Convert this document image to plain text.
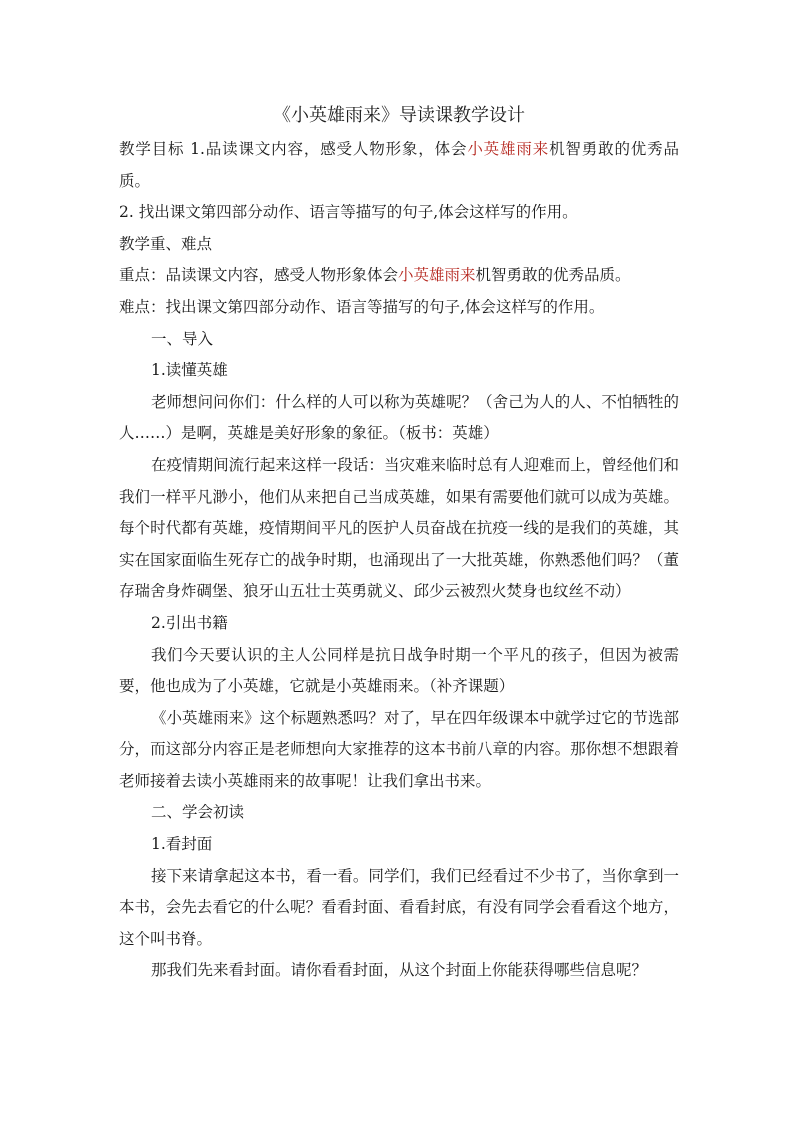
《小英雄雨来》导读课教学设计

教学目标 1.品读课文内容，感受人物形象，体会小英雄雨来机智勇敢的优秀品质。

2. 找出课文第四部分动作、语言等描写的句子,体会这样写的作用。

教学重、难点

重点：品读课文内容，感受人物形象体会小英雄雨来机智勇敢的优秀品质。

难点：找出课文第四部分动作、语言等描写的句子,体会这样写的作用。

一、导入

1.读懂英雄

老师想问问你们：什么样的人可以称为英雄呢？（舍己为人的人、不怕牺牲的人……）是啊，英雄是美好形象的象征。（板书：英雄）

在疫情期间流行起来这样一段话：当灾难来临时总有人迎难而上，曾经他们和我们一样平凡渺小，他们从来把自己当成英雄，如果有需要他们就可以成为英雄。每个时代都有英雄，疫情期间平凡的医护人员奋战在抗疫一线的是我们的英雄，其实在国家面临生死存亡的战争时期，也涌现出了一大批英雄，你熟悉他们吗？（董存瑞舍身炸碉堡、狼牙山五壮士英勇就义、邱少云被烈火焚身也纹丝不动）

2.引出书籍

我们今天要认识的主人公同样是抗日战争时期一个平凡的孩子，但因为被需要，他也成为了小英雄，它就是小英雄雨来。（补齐课题）

《小英雄雨来》这个标题熟悉吗？对了，早在四年级课本中就学过它的节选部分，而这部分内容正是老师想向大家推荐的这本书前八章的内容。那你想不想跟着老师接着去读小英雄雨来的故事呢！让我们拿出书来。

二、学会初读

1.看封面

接下来请拿起这本书，看一看。同学们，我们已经看过不少书了，当你拿到一本书，会先去看它的什么呢？看看封面、看看封底，有没有同学会看看这个地方，这个叫书脊。

那我们先来看封面。请你看看封面，从这个封面上你能获得哪些信息呢？
